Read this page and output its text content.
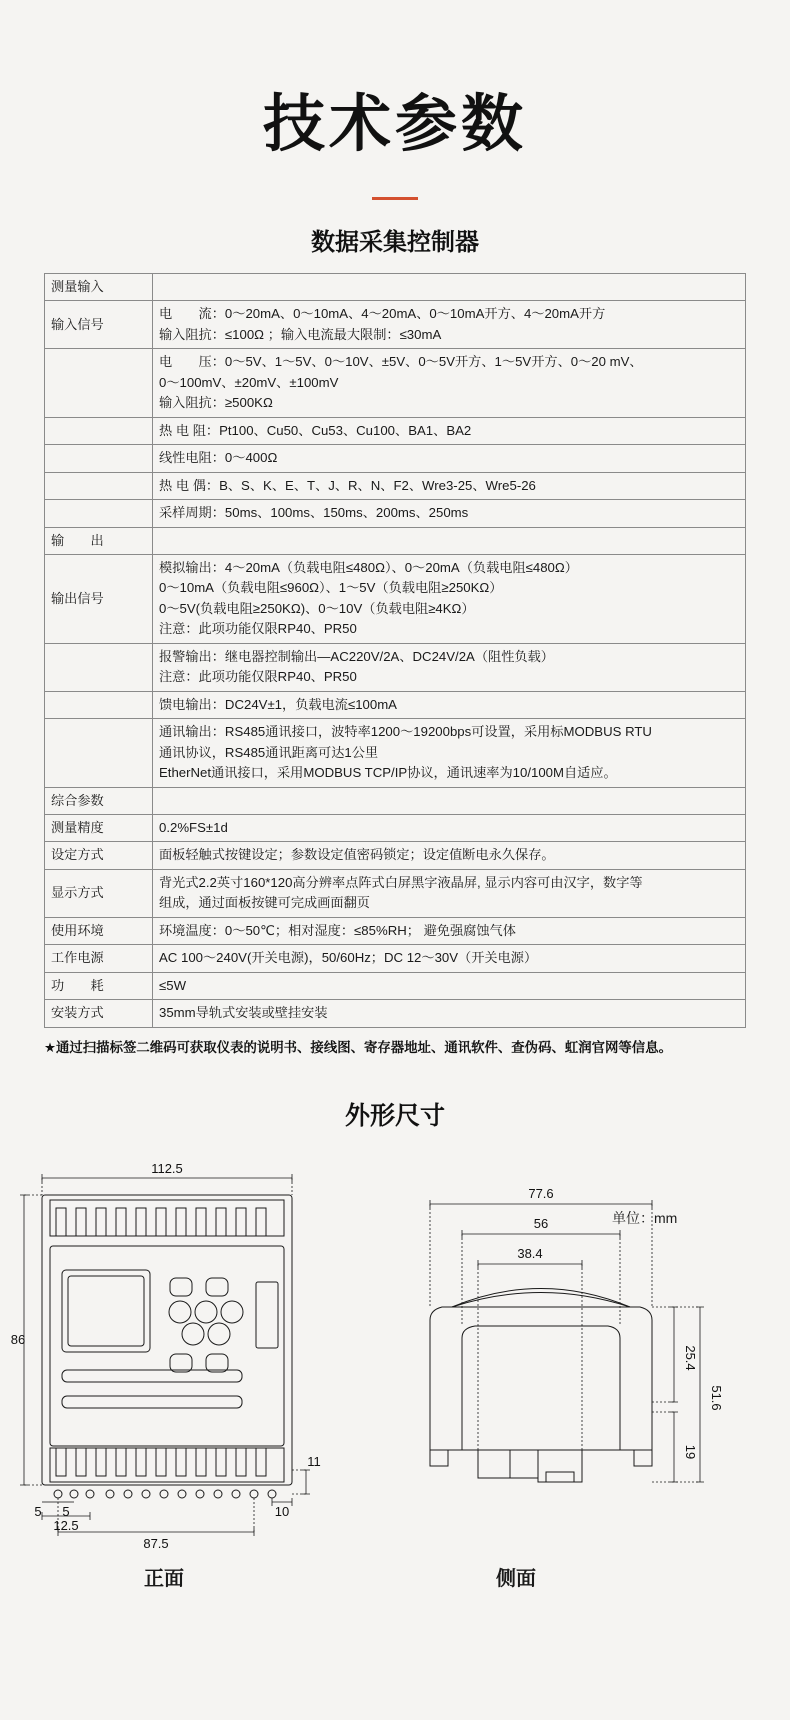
技术参数
数据采集控制器
测量输入	
输入信号	电　　流：0～20mA、0～10mA、4～20mA、0～10mA开方、4～20mA开方
输入阻抗：≤100Ω ；输入电流最大限制：≤30mA

	电　　压：0～5V、1～5V、0～10V、±5V、0～5V开方、1～5V开方、0～20 mV、
0～100mV、±20mV、±100mV
输入阻抗：≥500KΩ

	热 电 阻：Pt100、Cu50、Cu53、Cu100、BA1、BA2

	线性电阻：0～400Ω

	热 电 偶：B、S、K、E、T、J、R、N、F2、Wre3-25、Wre5-26

	采样周期：50ms、100ms、150ms、200ms、250ms

输　　出	
输出信号	模拟输出：4～20mA（负载电阻≤480Ω）、0～20mA（负载电阻≤480Ω）
0～10mA（负载电阻≤960Ω）、1～5V（负载电阻≥250KΩ）
0～5V(负载电阻≥250KΩ)、0～10V（负载电阻≥4KΩ）
注意：此项功能仅限RP40、PR50

	报警输出：继电器控制输出—AC220V/2A、DC24V/2A（阻性负载）
注意：此项功能仅限RP40、PR50

	馈电输出：DC24V±1，负载电流≤100mA

	通讯输出：RS485通讯接口，波特率1200～19200bps可设置，采用标MODBUS RTU
通讯协议，RS485通讯距离可达1公里
EtherNet通讯接口，采用MODBUS TCP/IP协议，通讯速率为10/100M自适应。

综合参数	
测量精度	0.2%FS±1d

设定方式	面板轻触式按键设定；参数设定值密码锁定；设定值断电永久保存。

显示方式	背光式2.2英寸160*120高分辨率点阵式白屏黑字液晶屏, 显示内容可由汉字，数字等
组成，通过面板按键可完成画面翻页

使用环境	环境温度：0～50℃；相对湿度：≤85%RH； 避免强腐蚀气体

工作电源	AC 100～240V(开关电源)，50/60Hz；DC 12～30V（开关电源）

功　　耗	≤5W

安装方式	35mm导轨式安装或壁挂安装
★通过扫描标签二维码可获取仪表的说明书、接线图、寄存器地址、通讯软件、查伪码、虹润官网等信息。
外形尺寸
单位：mm
112.5
86
87.5
12.5
5 5	10
11
77.6
56
38.4
51.6
25.4
19
正面	侧面
